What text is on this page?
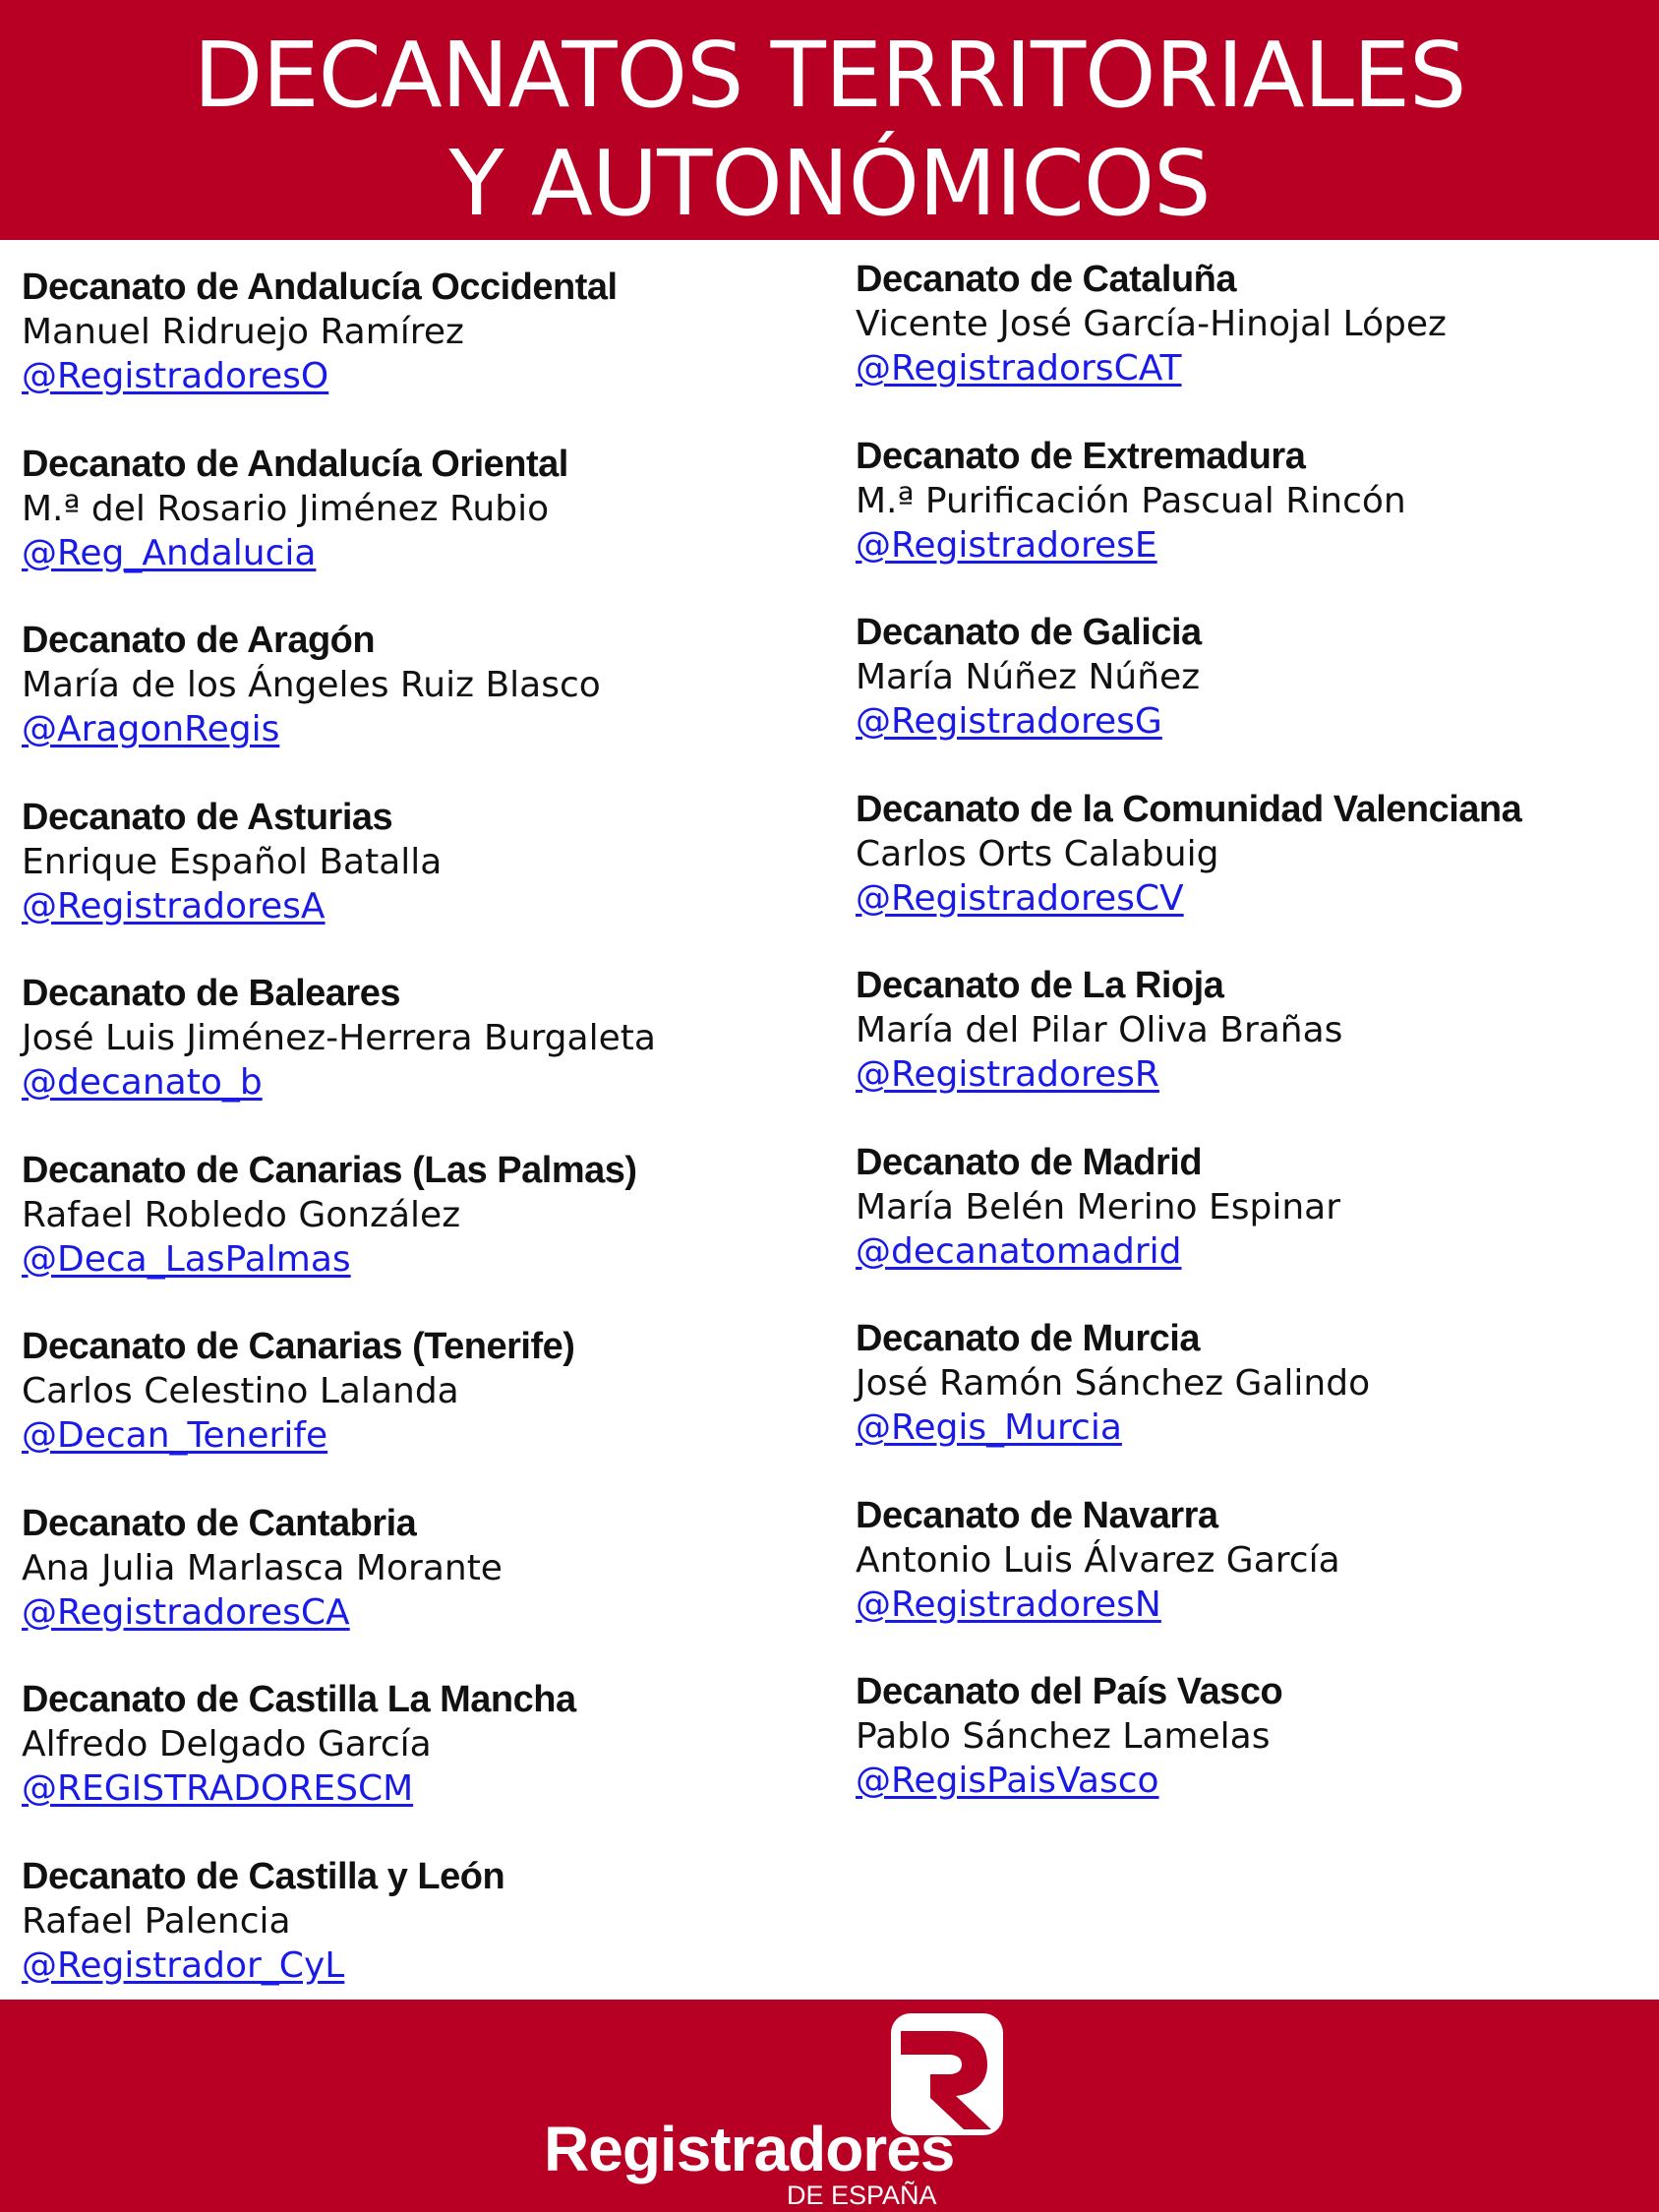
DECANATOS TERRITORIALES
Y AUTONÓMICOS
Decanato de Andalucía Occidental
Manuel Ridruejo Ramírez
@RegistradoresO
Decanato de Andalucía Oriental
M.ª del Rosario Jiménez Rubio
@Reg_Andalucia
Decanato de Aragón
María de los Ángeles Ruiz Blasco
@AragonRegis
Decanato de Asturias
Enrique Español Batalla
@RegistradoresA
Decanato de Baleares
José Luis Jiménez-Herrera Burgaleta
@decanato_b
Decanato de Canarias (Las Palmas)
Rafael Robledo González
@Deca_LasPalmas
Decanato de Canarias (Tenerife)
Carlos Celestino Lalanda
@Decan_Tenerife
Decanato de Cantabria
Ana Julia Marlasca Morante
@RegistradoresCA
Decanato de Castilla La Mancha
Alfredo Delgado García
@REGISTRADORESCM
Decanato de Castilla y León
Rafael Palencia
@Registrador_CyL
Decanato de Cataluña
Vicente José García-Hinojal López
@RegistradorsCAT
Decanato de Extremadura
M.ª Purificación Pascual Rincón
@RegistradoresE
Decanato de Galicia
María Núñez Núñez
@RegistradoresG
Decanato de la Comunidad Valenciana
Carlos Orts Calabuig
@RegistradoresCV
Decanato de La Rioja
María del Pilar Oliva Brañas
@RegistradoresR
Decanato de Madrid
María Belén Merino Espinar
@decanatomadrid
Decanato de Murcia
José Ramón Sánchez Galindo
@Regis_Murcia
Decanato de Navarra
Antonio Luis Álvarez García
@RegistradoresN
Decanato del País Vasco
Pablo Sánchez Lamelas
@RegisPaisVasco
Registradores
DE ESPAÑA
